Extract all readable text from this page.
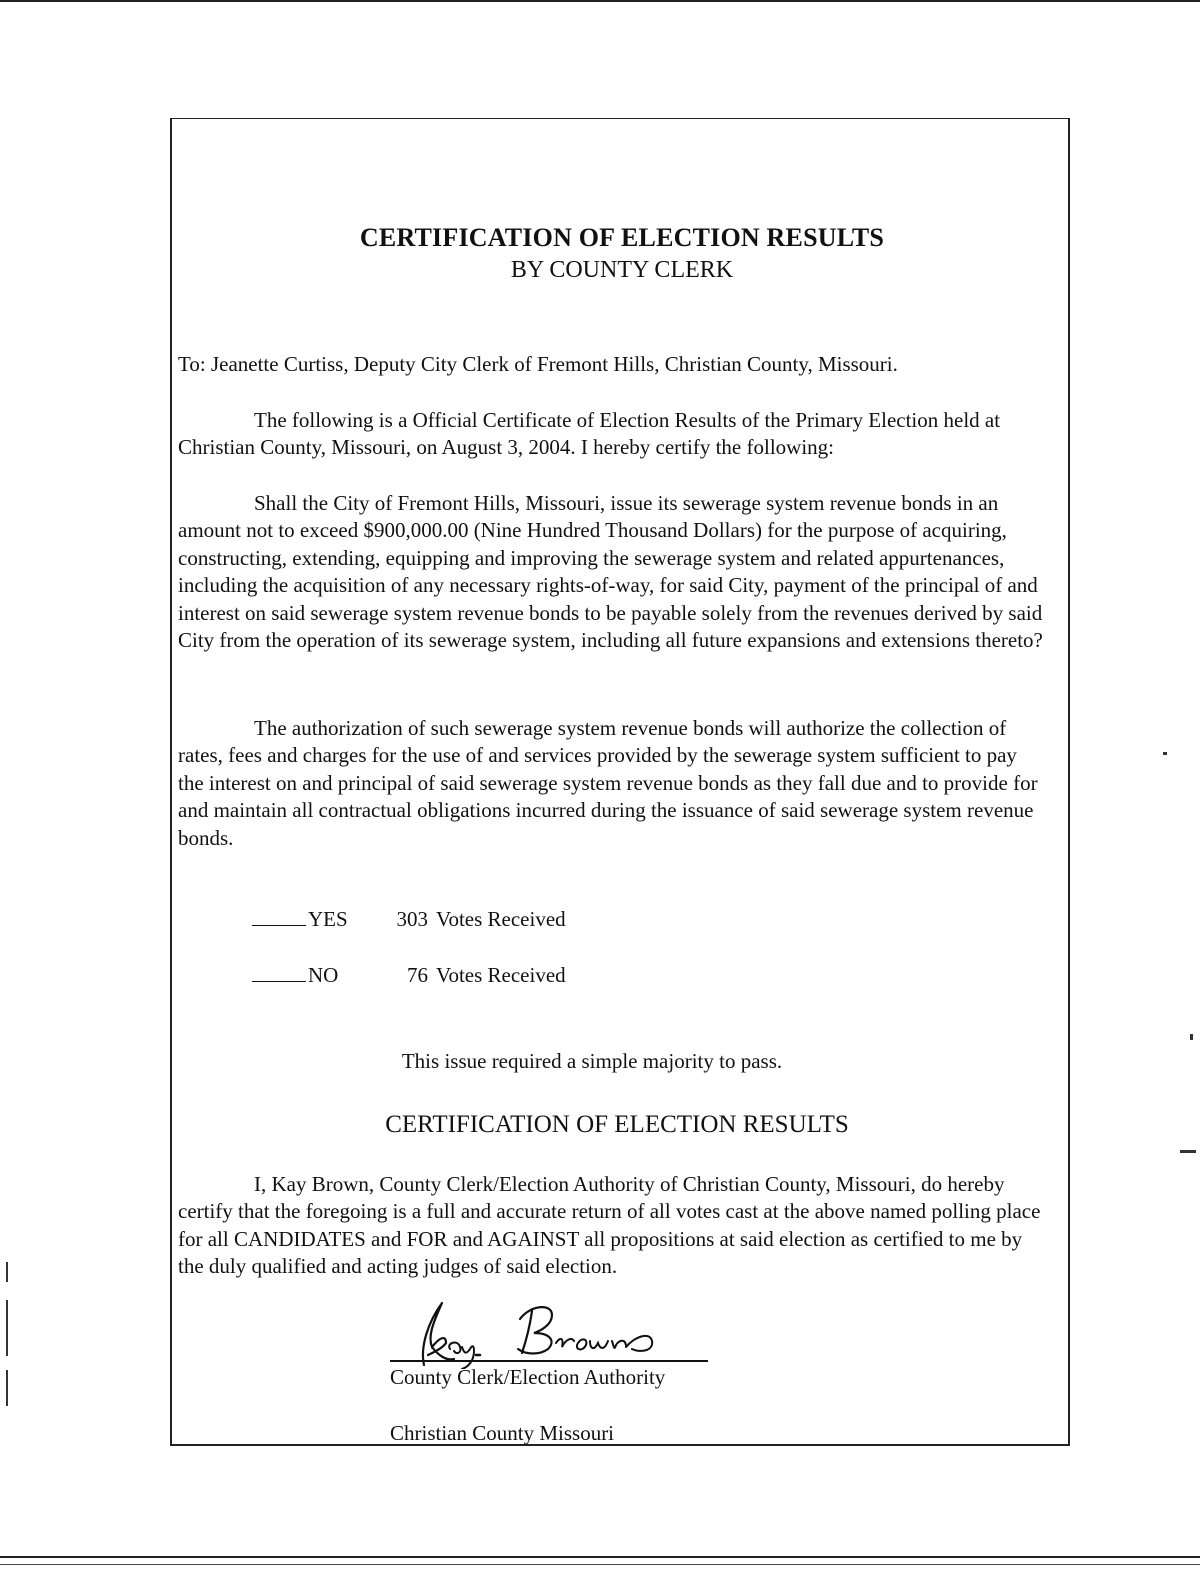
CERTIFICATION OF ELECTION RESULTS
BY COUNTY CLERK

To: Jeanette Curtiss, Deputy City Clerk of Fremont Hills, Christian County, Missouri.

The following is a Official Certificate of Election Results of the Primary Election held at Christian County, Missouri, on August 3, 2004. I hereby certify the following:

Shall the City of Fremont Hills, Missouri, issue its sewerage system revenue bonds in an amount not to exceed $900,000.00 (Nine Hundred Thousand Dollars) for the purpose of acquiring, constructing, extending, equipping and improving the sewerage system and related appurtenances, including the acquisition of any necessary rights-of-way, for said City, payment of the principal of and interest on said sewerage system revenue bonds to be payable solely from the revenues derived by said City from the operation of its sewerage system, including all future expansions and extensions thereto?

The authorization of such sewerage system revenue bonds will authorize the collection of rates, fees and charges for the use of and services provided by the sewerage system sufficient to pay the interest on and principal of said sewerage system revenue bonds as they fall due and to provide for and maintain all contractual obligations incurred during the issuance of said sewerage system revenue bonds.

YES 303 Votes Received
NO	76 Votes Received
This issue required a simple majority to pass.
CERTIFICATION OF ELECTION RESULTS

I, Kay Brown, County Clerk/Election Authority of Christian County, Missouri, do hereby certify that the foregoing is a full and accurate return of all votes cast at the above named polling place for all CANDIDATES and FOR and AGAINST all propositions at said election as certified to me by the duly qualified and acting judges of said election.

County Clerk/Election Authority
Christian County Missouri
